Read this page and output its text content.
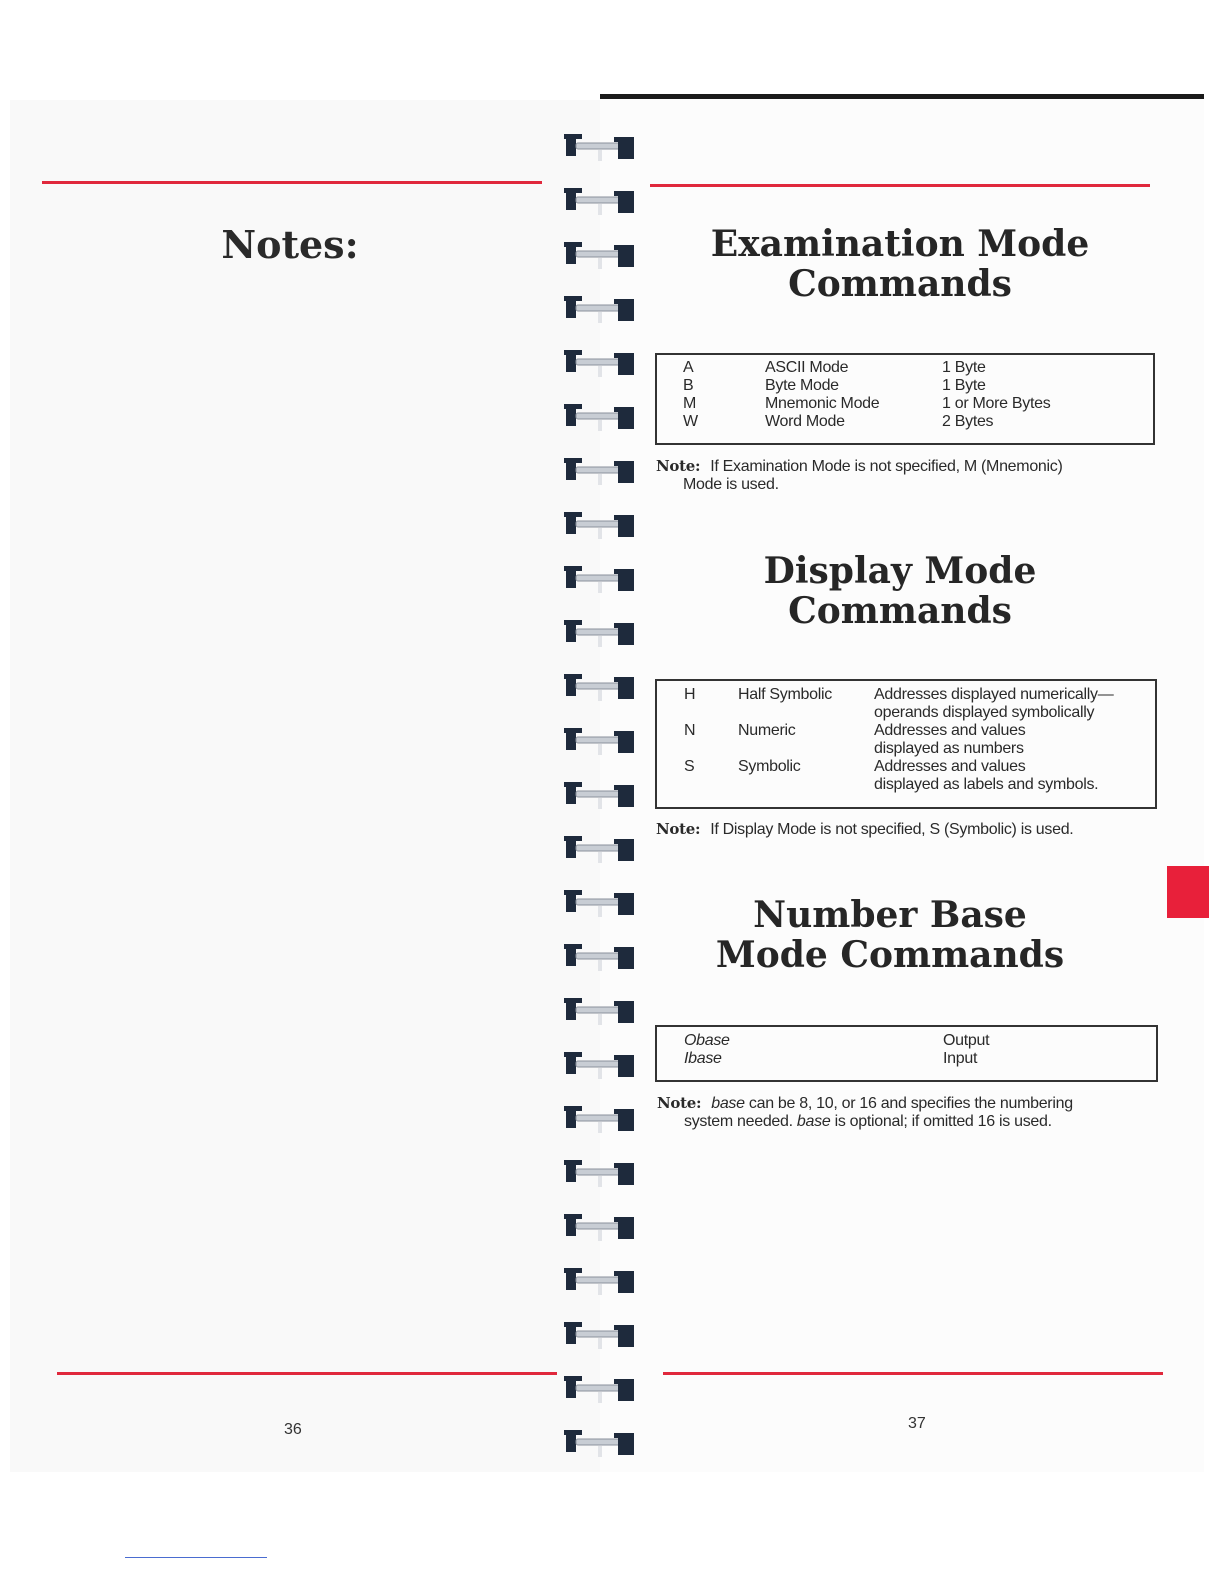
Notes:
36
Examination Mode
Commands
A	ASCII Mode	1 Byte
B	Byte Mode	1 Byte
M	Mnemonic Mode	1 or More Bytes
W	Word Mode	2 Bytes
Note: If Examination Mode is not specified, M (Mnemonic)
Mode is used.
Display Mode
Commands
H	Half Symbolic	Addresses displayed numerically—
operands displayed symbolically
N	Numeric	Addresses and values
displayed as numbers
S	Symbolic	Addresses and values
displayed as labels and symbols.
Note: If Display Mode is not specified, S (Symbolic) is used.
Number Base
Mode Commands
Obase	Output
Ibase	Input
Note: base can be 8, 10, or 16 and specifies the numbering
system needed. base is optional; if omitted 16 is used.
37
